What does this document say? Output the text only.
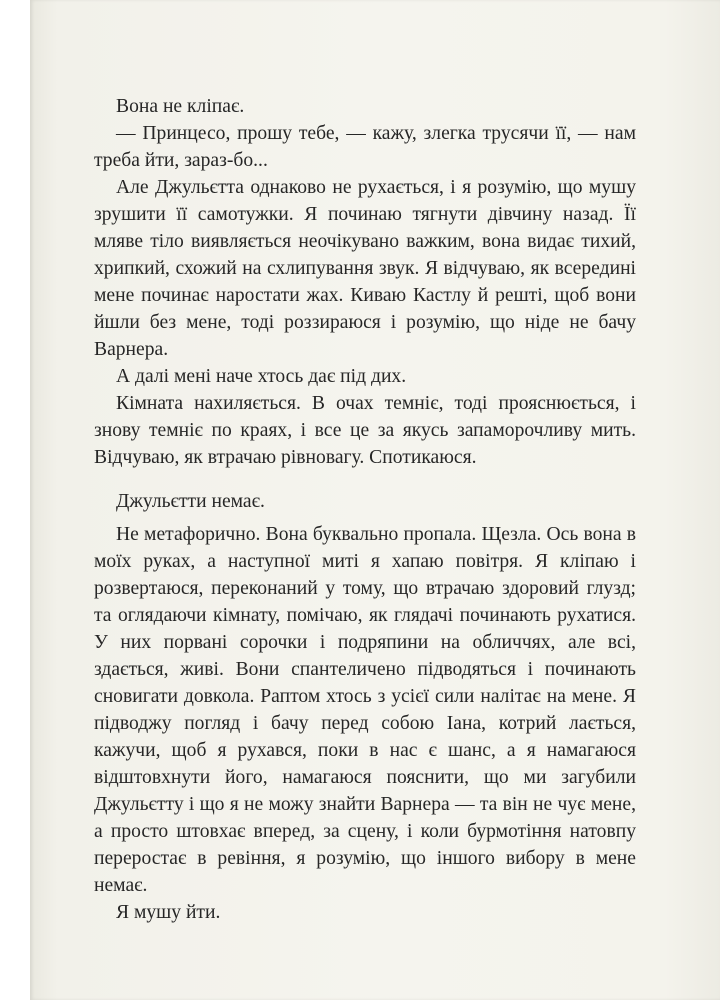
Вона не кліпає.

— Принцесо, прошу тебе, — кажу, злегка трусячи її, — нам треба йти, зараз-бо...

Але Джульєтта однаково не рухається, і я розумію, що мушу зрушити її самотужки. Я починаю тягнути дівчину назад. Її мляве тіло виявляється неочікувано важким, вона видає тихий, хрипкий, схожий на схлипування звук. Я відчуваю, як всередині мене починає наростати жах. Киваю Кастлу й решті, щоб вони йшли без мене, тоді роззираюся і розумію, що ніде не бачу Варнера.

А далі мені наче хтось дає під дих.

Кімната нахиляється. В очах темніє, тоді прояснюється, і знову темніє по краях, і все це за якусь запаморочливу мить. Відчуваю, як втрачаю рівновагу. Спотикаюся.

Джульєтти немає.

Не метафорично. Вона буквально пропала. Щезла. Ось вона в моїх руках, а наступної миті я хапаю повітря. Я кліпаю і розвертаюся, переконаний у тому, що втрачаю здоровий глузд; та оглядаючи кімнату, помічаю, як глядачі починають рухатися. У них порвані сорочки і подряпини на обличчях, але всі, здається, живі. Вони спантеличено підводяться і починають сновигати довкола. Раптом хтось з усієї сили налітає на мене. Я підводжу погляд і бачу перед собою Іана, котрий лається, кажучи, щоб я рухався, поки в нас є шанс, а я намагаюся відштовхнути його, намагаюся пояснити, що ми загубили Джульєтту і що я не можу знайти Варнера — та він не чує мене, а просто штовхає вперед, за сцену, і коли бурмотіння натовпу переростає в ревіння, я розумію, що іншого вибору в мене немає.

Я мушу йти.
